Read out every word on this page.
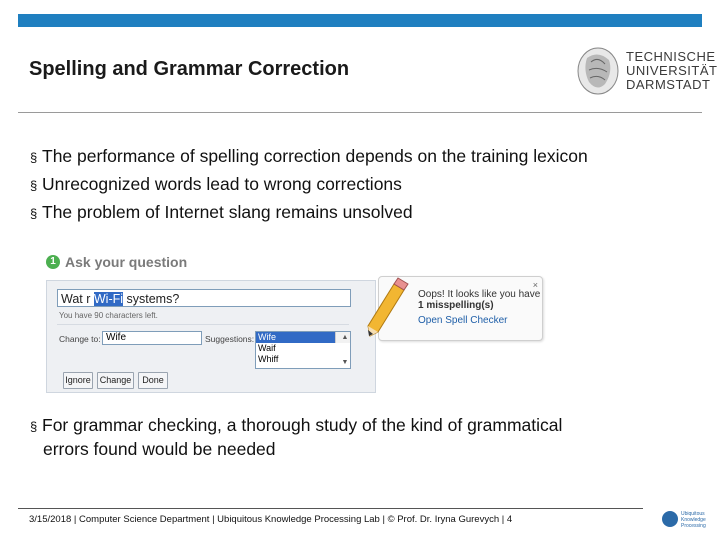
Spelling and Grammar Correction
TECHNISCHE
UNIVERSITÄT
DARMSTADT
§ The performance of spelling correction depends on the training lexicon
§ Unrecognized words lead to wrong corrections
§ The problem of Internet slang remains unsolved
1 Ask your question
Wat r Wi-Fi systems?
You have 90 characters left.
Change to: Wife	Suggestions: Wife
Waif
Whiff
▲
▼
Ignore Change	Done
×
Oops! It looks like you have
1 misspelling(s)
Open Spell Checker
§ For grammar checking, a thorough study of the kind of grammatical
errors found would be needed
3/15/2018 | Computer Science Department | Ubiquitous Knowledge Processing Lab | © Prof. Dr. Iryna Gurevych | 4	Ubiquitous
Knowledge
Processing
